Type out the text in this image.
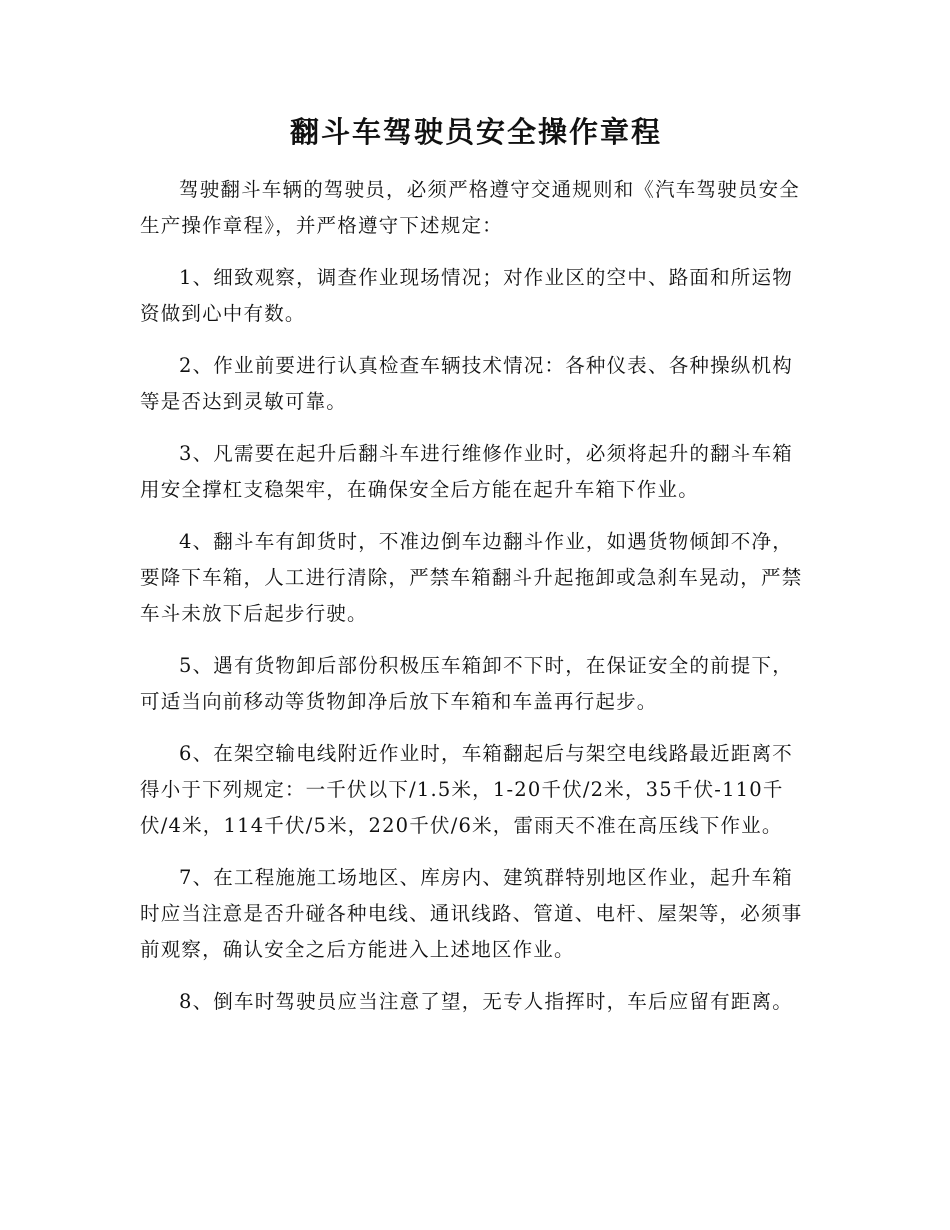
翻斗车驾驶员安全操作章程

驾驶翻斗车辆的驾驶员，必须严格遵守交通规则和《汽车驾驶员安全生产操作章程》，并严格遵守下述规定：

1、细致观察，调查作业现场情况；对作业区的空中、路面和所运物资做到心中有数。

2、作业前要进行认真检查车辆技术情况：各种仪表、各种操纵机构等是否达到灵敏可靠。

3、凡需要在起升后翻斗车进行维修作业时，必须将起升的翻斗车箱用安全撑杠支稳架牢，在确保安全后方能在起升车箱下作业。

4、翻斗车有卸货时，不准边倒车边翻斗作业，如遇货物倾卸不净，要降下车箱，人工进行清除，严禁车箱翻斗升起拖卸或急刹车晃动，严禁车斗未放下后起步行驶。

5、遇有货物卸后部份积极压车箱卸不下时，在保证安全的前提下，可适当向前移动等货物卸净后放下车箱和车盖再行起步。

6、在架空输电线附近作业时，车箱翻起后与架空电线路最近距离不得小于下列规定：一千伏以下/1.5米，1-20千伏/2米，35千伏-110千伏/4米，114千伏/5米，220千伏/6米，雷雨天不准在高压线下作业。

7、在工程施施工场地区、库房内、建筑群特别地区作业，起升车箱时应当注意是否升碰各种电线、通讯线路、管道、电杆、屋架等，必须事前观察，确认安全之后方能进入上述地区作业。

8、倒车时驾驶员应当注意了望，无专人指挥时，车后应留有距离。
